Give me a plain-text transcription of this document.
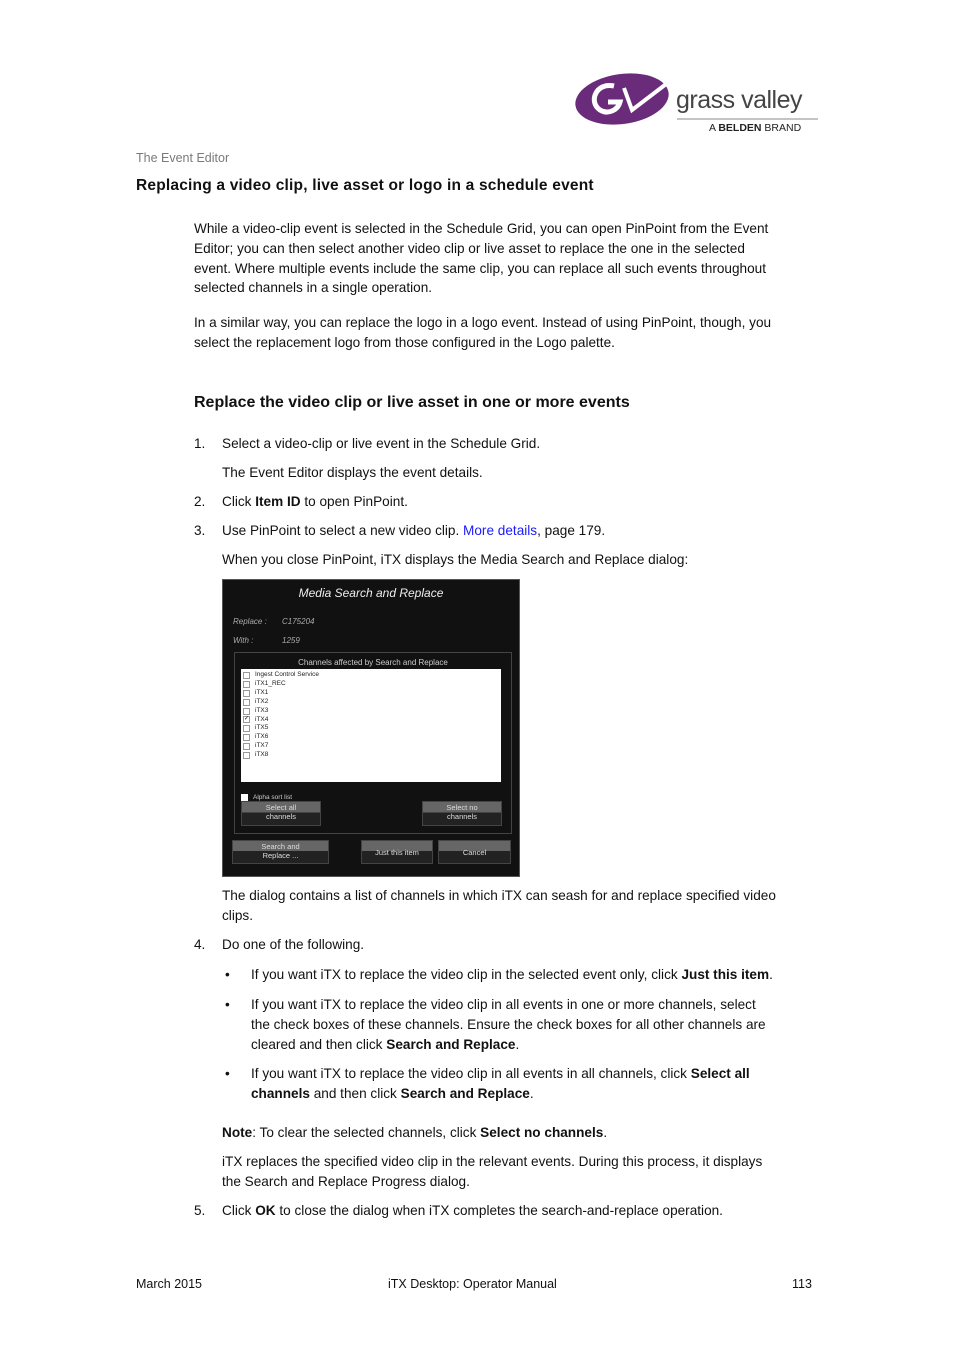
grass valley
A BELDEN BRAND
The Event Editor
Replacing a video clip, live asset or logo in a schedule event
While a video-clip event is selected in the Schedule Grid, you can open PinPoint from the Event
Editor; you can then select another video clip or live asset to replace the one in the selected
event. Where multiple events include the same clip, you can replace all such events throughout
selected channels in a single operation.
In a similar way, you can replace the logo in a logo event. Instead of using PinPoint, though, you
select the replacement logo from those configured in the Logo palette.
Replace the video clip or live asset in one or more events
1. Select a video-clip or live event in the Schedule Grid.
The Event Editor displays the event details.
2. Click Item ID to open PinPoint.
3. Use PinPoint to select a new video clip. More details, page 179.
When you close PinPoint, iTX displays the Media Search and Replace dialog:
Media Search and Replace
Replace : C175204
With :	1259
Channels affected by Search and Replace
Ingest Control Service
iTX1_REC
iTX1
iTX2
iTX3
✓ iTX4
iTX5
iTX6
iTX7
iTX8
Alpha sort list
Select all
channels
Select no
channels
Search and
Replace ...	Just this item	Cancel
The dialog contains a list of channels in which iTX can seash for and replace specified video
clips.
4. Do one of the following.
• If you want iTX to replace the video clip in the selected event only, click Just this item.
• If you want iTX to replace the video clip in all events in one or more channels, select
the check boxes of these channels. Ensure the check boxes for all other channels are
cleared and then click Search and Replace.
• If you want iTX to replace the video clip in all events in all channels, click Select all
channels and then click Search and Replace.
Note: To clear the selected channels, click Select no channels.
iTX replaces the specified video clip in the relevant events. During this process, it displays
the Search and Replace Progress dialog.
5. Click OK to close the dialog when iTX completes the search-and-replace operation.
March 2015	iTX Desktop: Operator Manual	113
